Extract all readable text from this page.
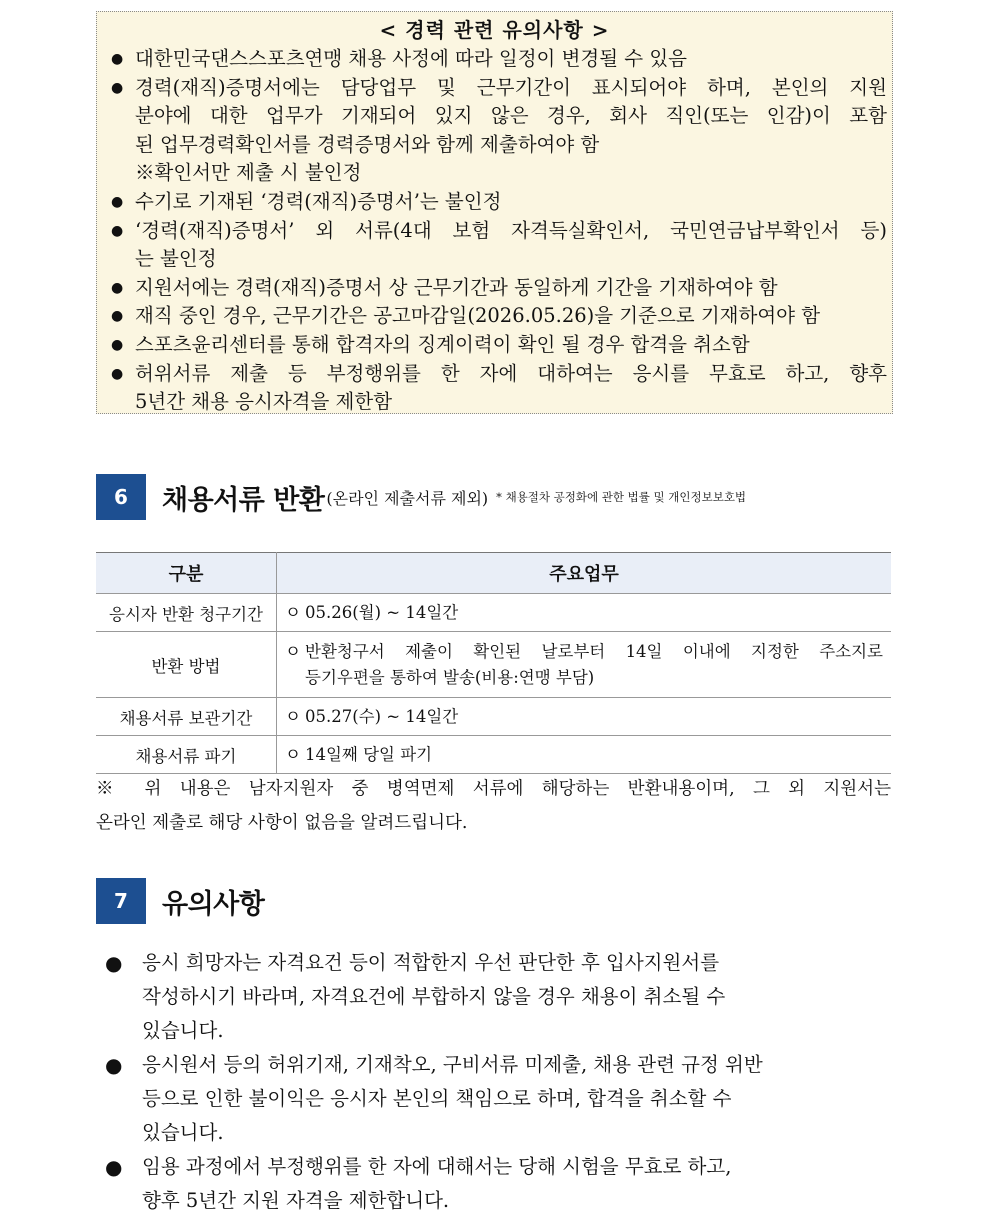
< 경력 관련 유의사항 >
● 대한민국댄스스포츠연맹 채용 사정에 따라 일정이 변경될 수 있음
● 경력(재직)증명서에는 담당업무 및 근무기간이 표시되어야 하며, 본인의 지원
분야에 대한 업무가 기재되어 있지 않은 경우, 회사 직인(또는 인감)이 포함
된 업무경력확인서를 경력증명서와 함께 제출하여야 함
※확인서만 제출 시 불인정
● 수기로 기재된 ‘경력(재직)증명서’는 불인정
● ‘경력(재직)증명서’ 외 서류(4대 보험 자격득실확인서, 국민연금납부확인서 등)
는 불인정
● 지원서에는 경력(재직)증명서 상 근무기간과 동일하게 기간을 기재하여야 함
● 재직 중인 경우, 근무기간은 공고마감일(2026.05.26)을 기준으로 기재하여야 함
● 스포츠윤리센터를 통해 합격자의 징계이력이 확인 될 경우 합격을 취소함
● 허위서류 제출 등 부정행위를 한 자에 대하여는 응시를 무효로 하고, 향후
5년간 채용 응시자격을 제한함
6	채용서류 반환 (온라인 제출서류 제외) * 채용절차 공정화에 관한 법률 및 개인정보보호법
구분	주요업무
응시자 반환 청구기간	ㅇ 05.26(월) ~ 14일간
반환 방법	ㅇ 반환청구서 제출이 확인된 날로부터 14일 이내에 지정한 주소지로
등기우편을 통하여 발송(비용:연맹 부담)

채용서류 보관기간	ㅇ 05.27(수) ~ 14일간
채용서류 파기	ㅇ 14일째 당일 파기
※ 위 내용은 남자지원자 중 병역면제 서류에 해당하는 반환내용이며, 그 외 지원서는
온라인 제출로 해당 사항이 없음을 알려드립니다.
7	유의사항
● 응시 희망자는 자격요건 등이 적합한지 우선 판단한 후 입사지원서를
작성하시기 바라며, 자격요건에 부합하지 않을 경우 채용이 취소될 수
있습니다.
● 응시원서 등의 허위기재, 기재착오, 구비서류 미제출, 채용 관련 규정 위반
등으로 인한 불이익은 응시자 본인의 책임으로 하며, 합격을 취소할 수
있습니다.
● 임용 과정에서 부정행위를 한 자에 대해서는 당해 시험을 무효로 하고,
향후 5년간 지원 자격을 제한합니다.
